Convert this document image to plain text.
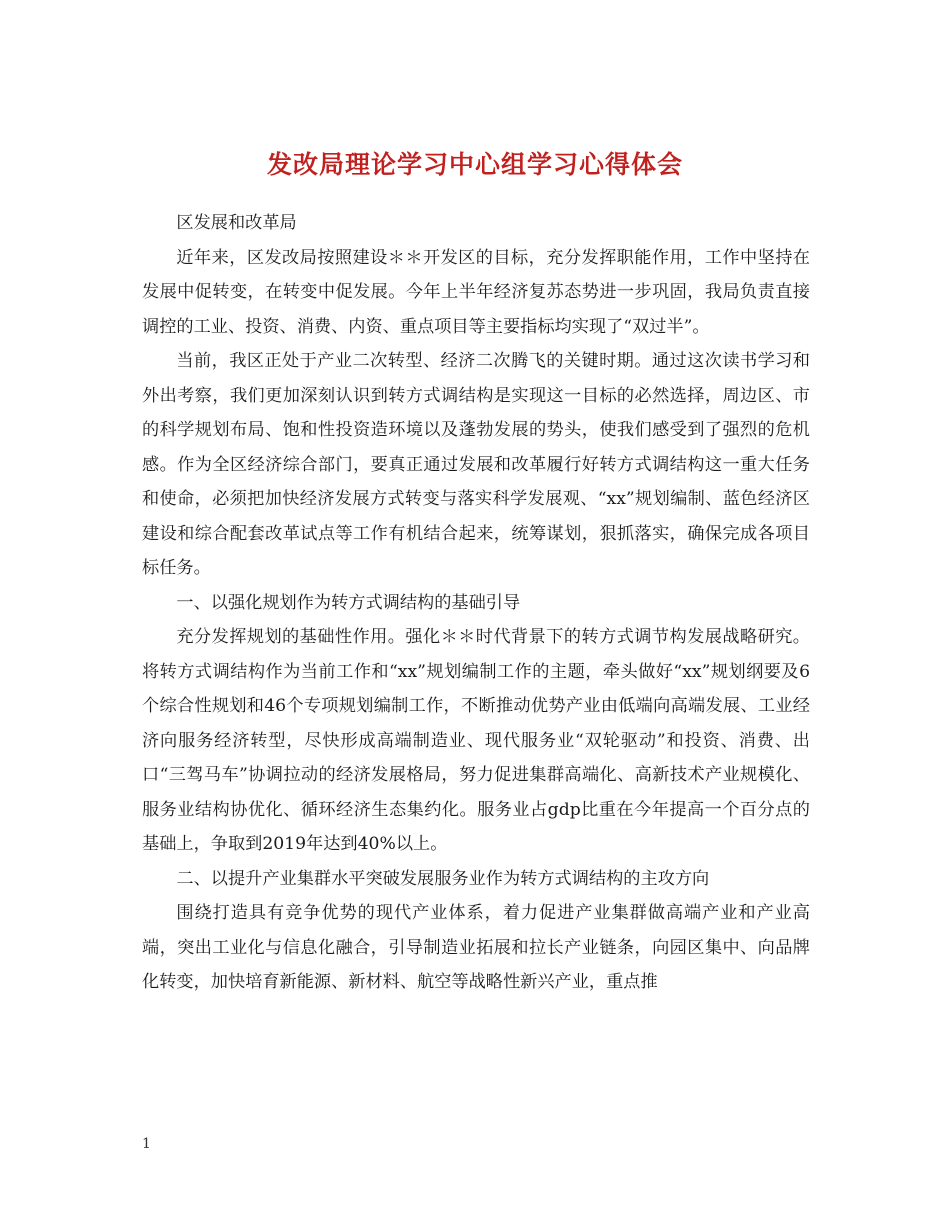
发改局理论学习中心组学习心得体会

区发展和改革局

近年来，区发改局按照建设＊＊开发区的目标，充分发挥职能作用，工作中坚持在发展中促转变，在转变中促发展。今年上半年经济复苏态势进一步巩固，我局负责直接调控的工业、投资、消费、内资、重点项目等主要指标均实现了“双过半”。

当前，我区正处于产业二次转型、经济二次腾飞的关键时期。通过这次读书学习和外出考察，我们更加深刻认识到转方式调结构是实现这一目标的必然选择，周边区、市的科学规划布局、饱和性投资造环境以及蓬勃发展的势头，使我们感受到了强烈的危机感。作为全区经济综合部门，要真正通过发展和改革履行好转方式调结构这一重大任务和使命，必须把加快经济发展方式转变与落实科学发展观、“xx”规划编制、蓝色经济区建设和综合配套改革试点等工作有机结合起来，统筹谋划，狠抓落实，确保完成各项目标任务。

一、以强化规划作为转方式调结构的基础引导

充分发挥规划的基础性作用。强化＊＊时代背景下的转方式调节构发展战略研究。将转方式调结构作为当前工作和“xx”规划编制工作的主题，牵头做好“xx”规划纲要及6个综合性规划和46个专项规划编制工作，不断推动优势产业由低端向高端发展、工业经济向服务经济转型，尽快形成高端制造业、现代服务业“双轮驱动”和投资、消费、出口“三驾马车”协调拉动的经济发展格局，努力促进集群高端化、高新技术产业规模化、服务业结构协优化、循环经济生态集约化。服务业占gdp比重在今年提高一个百分点的基础上，争取到2019年达到40%以上。

二、以提升产业集群水平突破发展服务业作为转方式调结构的主攻方向

围绕打造具有竞争优势的现代产业体系，着力促进产业集群做高端产业和产业高端，突出工业化与信息化融合，引导制造业拓展和拉长产业链条，向园区集中、向品牌化转变，加快培育新能源、新材料、航空等战略性新兴产业，重点推

1
